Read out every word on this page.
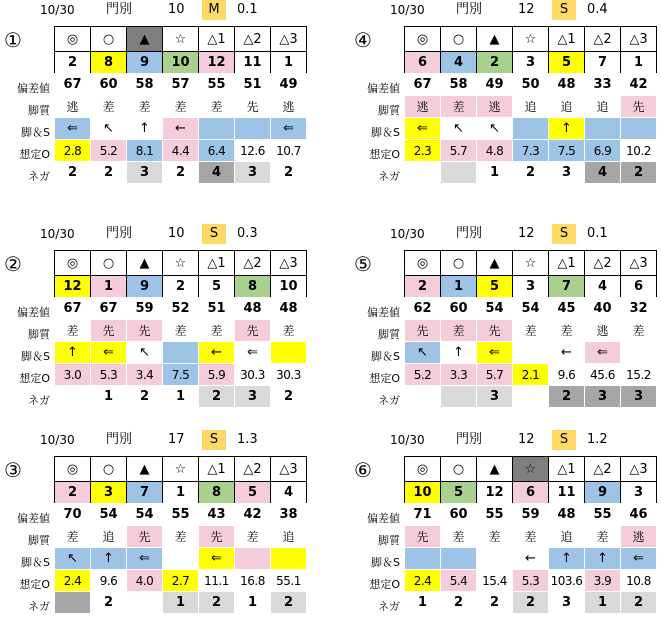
10/30 門別	10	M	0.1
①
偏差値
脚質
脚＆S
想定O
ネガ
◎	○	▲	☆	△1	△2	△3
2	8	9	10	12	11	1
67	60	58	57	55	51	49
逃	差	差	差	差	先	逃
⇐	↖	↑	←			⇐
2.8	5.2	8.1	4.4	6.4	12.6	10.7
2	2	3	2	4	3	2
10/30 門別	12	S	0.4
④
偏差値
脚質
脚＆S
想定O
ネガ
◎	○	▲	☆	△1	△2	△3
6	4	2	3	5	7	1
67	58	49	50	48	33	42
逃	差	逃	追	追	追	先
⇐	↖	↖		↑		
2.3	5.7	4.8	7.3	7.5	6.9	10.2
		1	2	3	4	2
10/30 門別	10	S	0.3
②
偏差値
脚質
脚＆S
想定O
ネガ
◎	○	▲	☆	△1	△2	△3
12	1	9	2	5	8	10
67	67	59	52	51	48	48
差	先	先	差	差	先	差
↑	⇐	↖		←	⇐	
3.0	5.3	3.4	7.5	5.9	30.3	30.3
	1	2	1	2	3	2
10/30 門別	12	S	0.1
⑤
偏差値
脚質
脚＆S
想定O
ネガ
◎	○	▲	☆	△1	△2	△3
2	1	5	3	7	4	6
62	60	54	54	45	40	32
先	差	先	差	差	逃	差
↖	↑	⇐		←	⇐	
5.2	3.3	5.7	2.1	9.6	45.6	15.2
		3		2	3	3
10/30 門別	17	S	1.3
③
偏差値
脚質
脚＆S
想定O
ネガ
◎	○	▲	☆	△1	△2	△3
2	3	7	1	8	5	4
70	54	54	55	43	42	38
差	追	先	差	先	差	追
↖	↑	⇐		⇐		
2.4	9.6	4.0	2.7	11.1	16.8	55.1
	2		1	2	1	2
10/30 門別	12	S	1.2
⑥
偏差値
脚質
脚＆S
想定O
ネガ
◎	○	▲	☆	△1	△2	△3
10	5	12	6	11	9	3
71	60	55	59	48	55	46
先	差	差	差	追	差	逃
			←	↑	↑	⇐
2.4	5.4	15.4	5.3	103.6	3.9	10.8
1	2	2	2	3	1	2
